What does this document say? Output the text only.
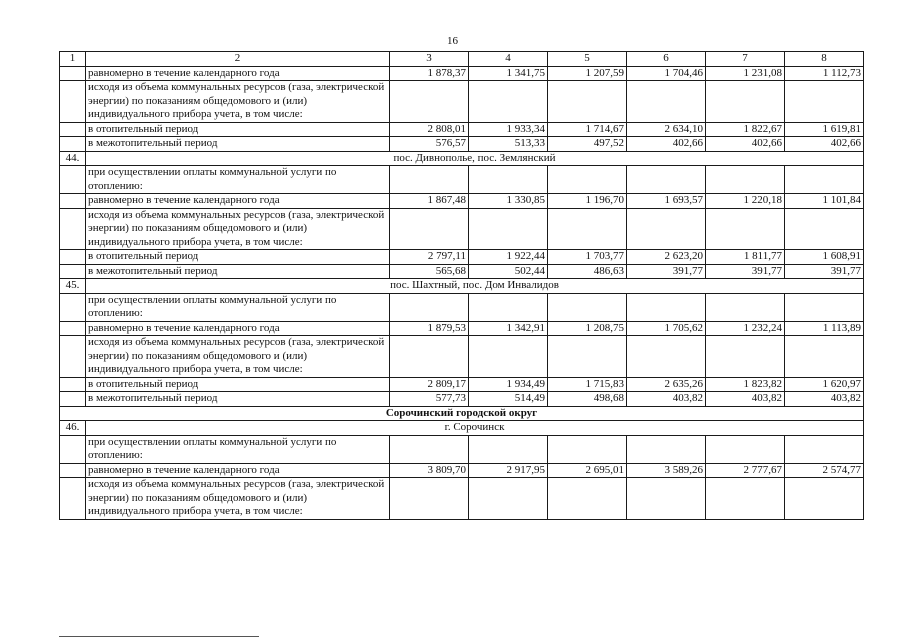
16
1	2	3	4	5	6	7	8
	равномерно в течение календарного года	1 878,37	1 341,75	1 207,59	1 704,46	1 231,08	1 112,73
	исходя из объема коммунальных ресурсов (газа, электрической энергии) по показаниям общедомового и (или) индивидуального прибора учета, в том числе:						
	в отопительный период	2 808,01	1 933,34	1 714,67	2 634,10	1 822,67	1 619,81
	в межотопительный период	576,57	513,33	497,52	402,66	402,66	402,66
44.	пос. Дивнополье, пос. Землянский						
	при осуществлении оплаты коммунальной услуги по отоплению:						
	равномерно в течение календарного года	1 867,48	1 330,85	1 196,70	1 693,57	1 220,18	1 101,84
	исходя из объема коммунальных ресурсов (газа, электрической энергии) по показаниям общедомового и (или) индивидуального прибора учета, в том числе:						
	в отопительный период	2 797,11	1 922,44	1 703,77	2 623,20	1 811,77	1 608,91
	в межотопительный период	565,68	502,44	486,63	391,77	391,77	391,77
45.	пос. Шахтный, пос. Дом Инвалидов						
	при осуществлении оплаты коммунальной услуги по отоплению:						
	равномерно в течение календарного года	1 879,53	1 342,91	1 208,75	1 705,62	1 232,24	1 113,89
	исходя из объема коммунальных ресурсов (газа, электрической энергии) по показаниям общедомового и (или) индивидуального прибора учета, в том числе:						
	в отопительный период	2 809,17	1 934,49	1 715,83	2 635,26	1 823,82	1 620,97
	в межотопительный период	577,73	514,49	498,68	403,82	403,82	403,82
Сорочинский городской округ							
46.	г. Сорочинск						
	при осуществлении оплаты коммунальной услуги по отоплению:						
	равномерно в течение календарного года	3 809,70	2 917,95	2 695,01	3 589,26	2 777,67	2 574,77
	исходя из объема коммунальных ресурсов (газа, электрической энергии) по показаниям общедомового и (или) индивидуального прибора учета, в том числе:						
